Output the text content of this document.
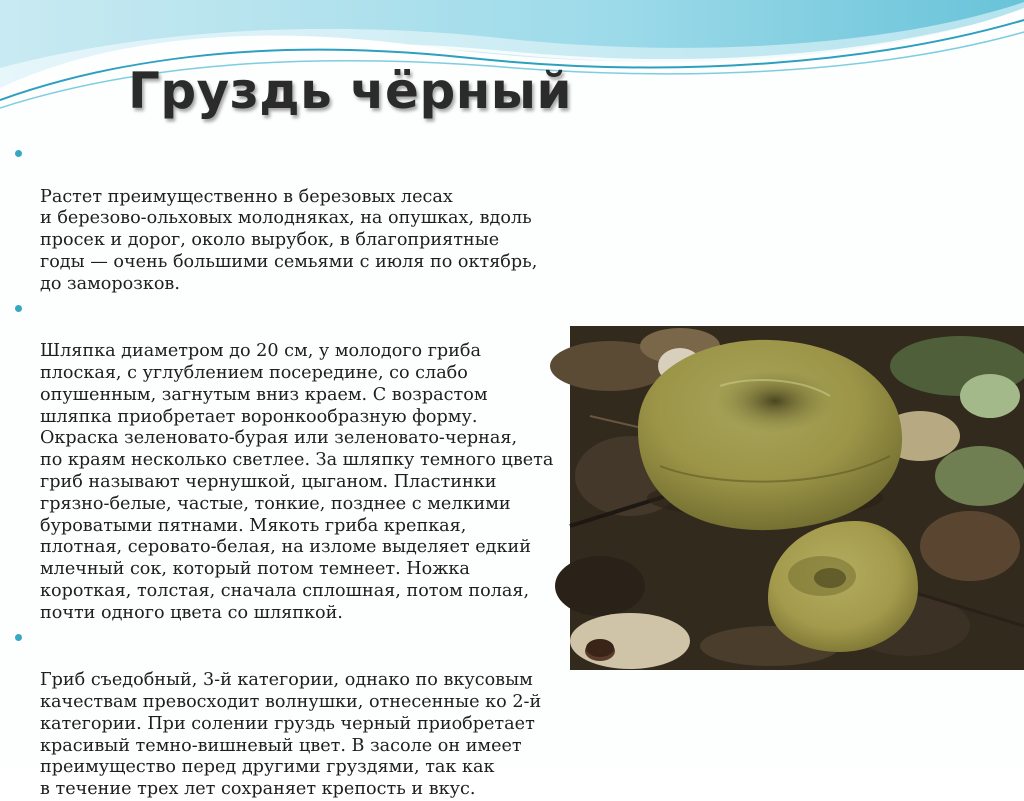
Груздь чёрный

Растет преимущественно в березовых лесах
и березово-ольховых молодняках, на опушках, вдоль
просек и дорог, около вырубок, в благоприятные
годы — очень большими семьями с июля по октябрь,
до заморозков.

Шляпка диаметром до 20 см, у молодого гриба
плоская, с углублением посередине, со слабо
опушенным, загнутым вниз краем. С возрастом
шляпка приобретает воронкообразную форму.
Окраска зеленовато-бурая или зеленовато-черная,
по краям несколько светлее. За шляпку темного цвета
гриб называют чернушкой, цыганом. Пластинки
грязно-белые, частые, тонкие, позднее с мелкими
буроватыми пятнами. Мякоть гриба крепкая,
плотная, серовато-белая, на изломе выделяет едкий
млечный сок, который потом темнеет. Ножка
короткая, толстая, сначала сплошная, потом полая,
почти одного цвета со шляпкой.

Гриб съедобный, 3-й категории, однако по вкусовым
качествам превосходит волнушки, отнесенные ко 2-й
категории. При солении груздь черный приобретает
красивый темно-вишневый цвет. В засоле он имеет
преимущество перед другими груздями, так как
в течение трех лет сохраняет крепость и вкус.
